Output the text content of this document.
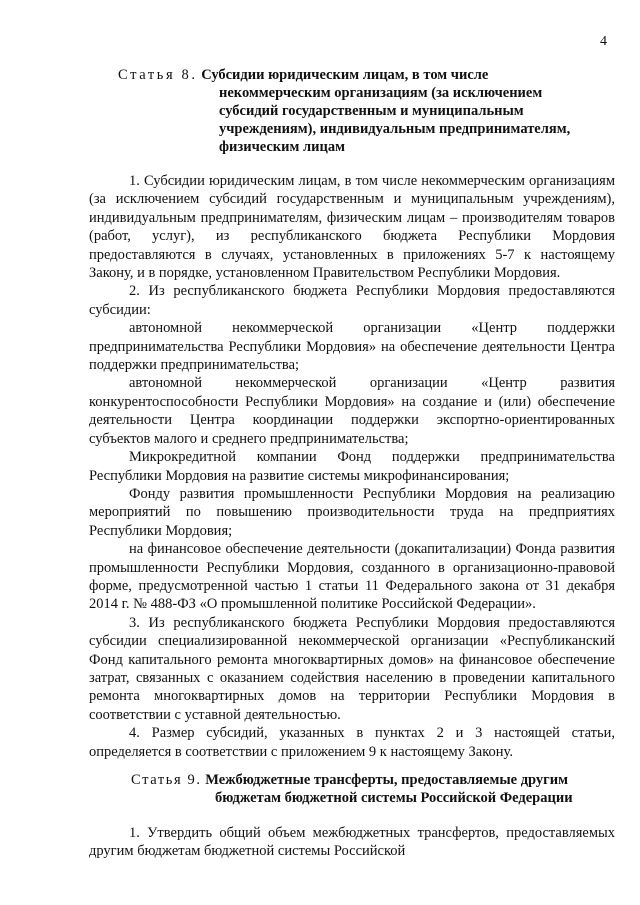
4
Статья 8. Субсидии юридическим лицам, в том числе
некоммерческим организациям (за исключением
субсидий государственным и муниципальным
учреждениям), индивидуальным предпринимателям,
физическим лицам

1. Субсидии юридическим лицам, в том числе некоммерческим организациям (за исключением субсидий государственным и муниципальным учреждениям), индивидуальным предпринимателям, физическим лицам – производителям товаров (работ, услуг), из республиканского бюджета Республики Мордовия предоставляются в случаях, установленных в приложениях 5-7 к настоящему Закону, и в порядке, установленном Правительством Республики Мордовия.

2. Из республиканского бюджета Республики Мордовия предоставляются субсидии:

автономной некоммерческой организации «Центр поддержки предпринимательства Республики Мордовия» на обеспечение деятельности Центра поддержки предпринимательства;

автономной некоммерческой организации «Центр развития конкурентоспособности Республики Мордовия» на создание и (или) обеспечение деятельности Центра координации поддержки экспортно-ориентированных субъектов малого и среднего предпринимательства;

Микрокредитной компании Фонд поддержки предпринимательства Республики Мордовия на развитие системы микрофинансирования;

Фонду развития промышленности Республики Мордовия на реализацию мероприятий по повышению производительности труда на предприятиях Республики Мордовия;

на финансовое обеспечение деятельности (докапитализации) Фонда развития промышленности Республики Мордовия, созданного в организационно-правовой форме, предусмотренной частью 1 статьи 11 Федерального закона от 31 декабря 2014 г. № 488-ФЗ «О промышленной политике Российской Федерации».

3. Из республиканского бюджета Республики Мордовия предоставляются субсидии специализированной некоммерческой организации «Республиканский Фонд капитального ремонта многоквартирных домов» на финансовое обеспечение затрат, связанных с оказанием содействия населению в проведении капитального ремонта многоквартирных домов на территории Республики Мордовия в соответствии с уставной деятельностью.

4. Размер субсидий, указанных в пунктах 2 и 3 настоящей статьи, определяется в соответствии с приложением 9 к настоящему Закону.

Статья 9. Межбюджетные трансферты, предоставляемые другим
бюджетам бюджетной системы Российской Федерации

1. Утвердить общий объем межбюджетных трансфертов, предоставляемых другим бюджетам бюджетной системы Российской
